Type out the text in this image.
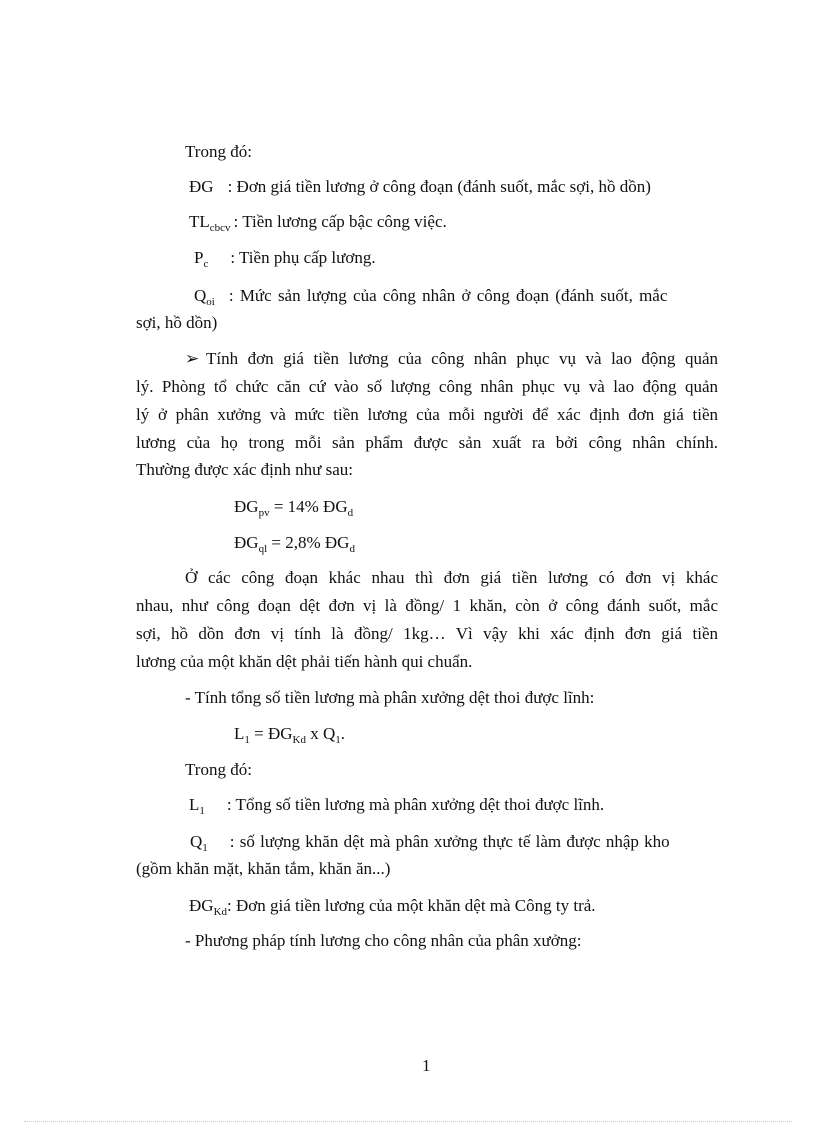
Trong đó:
ĐG : Đơn giá tiền lương ở công đoạn (đánh suốt, mắc sợi, hồ dồn)
$TL_{cbcv}$ : Tiền lương cấp bậc công việc.
$P_c$ : Tiền phụ cấp lương.
$Q_{oi}$ : Mức sản lượng của công nhân ở công đoạn (đánh suốt, mắc
sợi, hồ dồn)
➢ Tính đơn giá tiền lương của công nhân phục vụ và lao động quản
lý. Phòng tổ chức căn cứ vào số lượng công nhân phục vụ và lao động quản
lý ở phân xưởng và mức tiền lương của mỗi người để xác định đơn giá tiền
lương của họ trong mỗi sản phẩm được sản xuất ra bởi công nhân chính.
Thường được xác định như sau:
$ĐG_{pv} = 14\%$ $ĐG_d$
$ĐG_{ql} = 2,8\%$ $ĐG_d$
Ở các công đoạn khác nhau thì đơn giá tiền lương có đơn vị khác
nhau, như công đoạn dệt đơn vị là đồng/ 1 khăn, còn ở công đánh suốt, mắc
sợi, hồ dồn đơn vị tính là đồng/ 1kg… Vì vậy khi xác định đơn giá tiền
lương của một khăn dệt phải tiến hành qui chuẩn.
- Tính tổng số tiền lương mà phân xưởng dệt thoi được lĩnh:
$L_1$ = $ĐG_{Kd}$ x $Q_1$.
Trong đó:
$L_1$ : Tổng số tiền lương mà phân xưởng dệt thoi được lĩnh.
$Q_1$ : số lượng khăn dệt mà phân xưởng thực tế làm được nhập kho
(gồm khăn mặt, khăn tắm, khăn ăn...)
$ĐG_{Kd}$: Đơn giá tiền lương của một khăn dệt mà Công ty trả.
- Phương pháp tính lương cho công nhân của phân xưởng:
1
